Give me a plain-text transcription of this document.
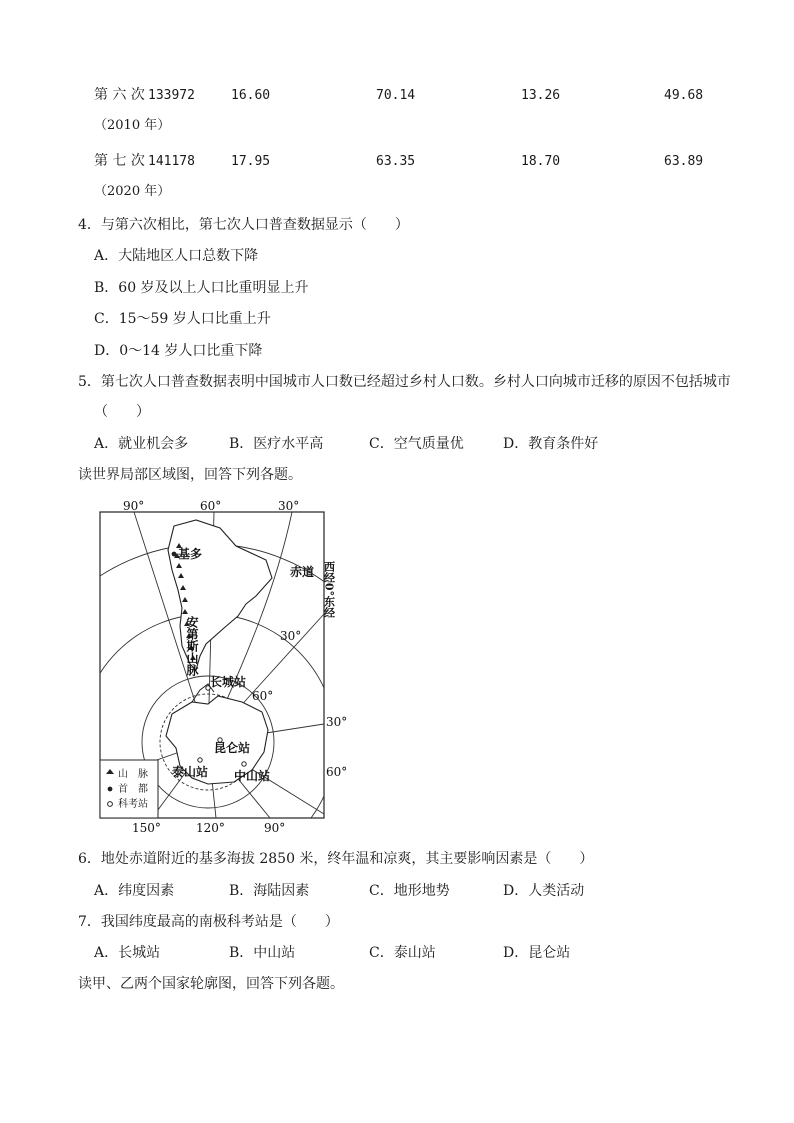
第 六 次 133972	16.60	70.14	13.26	49.68
（2010 年）
第 七 次 141178	17.95	63.35	18.70	63.89
（2020 年）
4．与第六次相比，第七次人口普查数据显示（　　）
A．大陆地区人口总数下降
B．60 岁及以上人口比重明显上升
C．15～59 岁人口比重上升
D．0～14 岁人口比重下降
5．第七次人口普查数据表明中国城市人口数已经超过乡村人口数。乡村人口向城市迁移的原因不包括城市
（　　）
A．就业机会多	B．医疗水平高	C．空气质量优	D．教育条件好
读世界局部区域图，回答下列各题。
90°	60°	30°
150°	120°	90°
赤道
30°
60°
西经0°东经
30°
60°
安第斯山脉
基多
长城站
昆仑站
泰山站 中山站
山　脉
首　都
科考站
6．地处赤道附近的基多海拔 2850 米，终年温和凉爽，其主要影响因素是（　　）
A．纬度因素	B．海陆因素	C．地形地势	D．人类活动
7．我国纬度最高的南极科考站是（　　）
A．长城站	B．中山站	C．泰山站	D．昆仑站
读甲、乙两个国家轮廓图，回答下列各题。
